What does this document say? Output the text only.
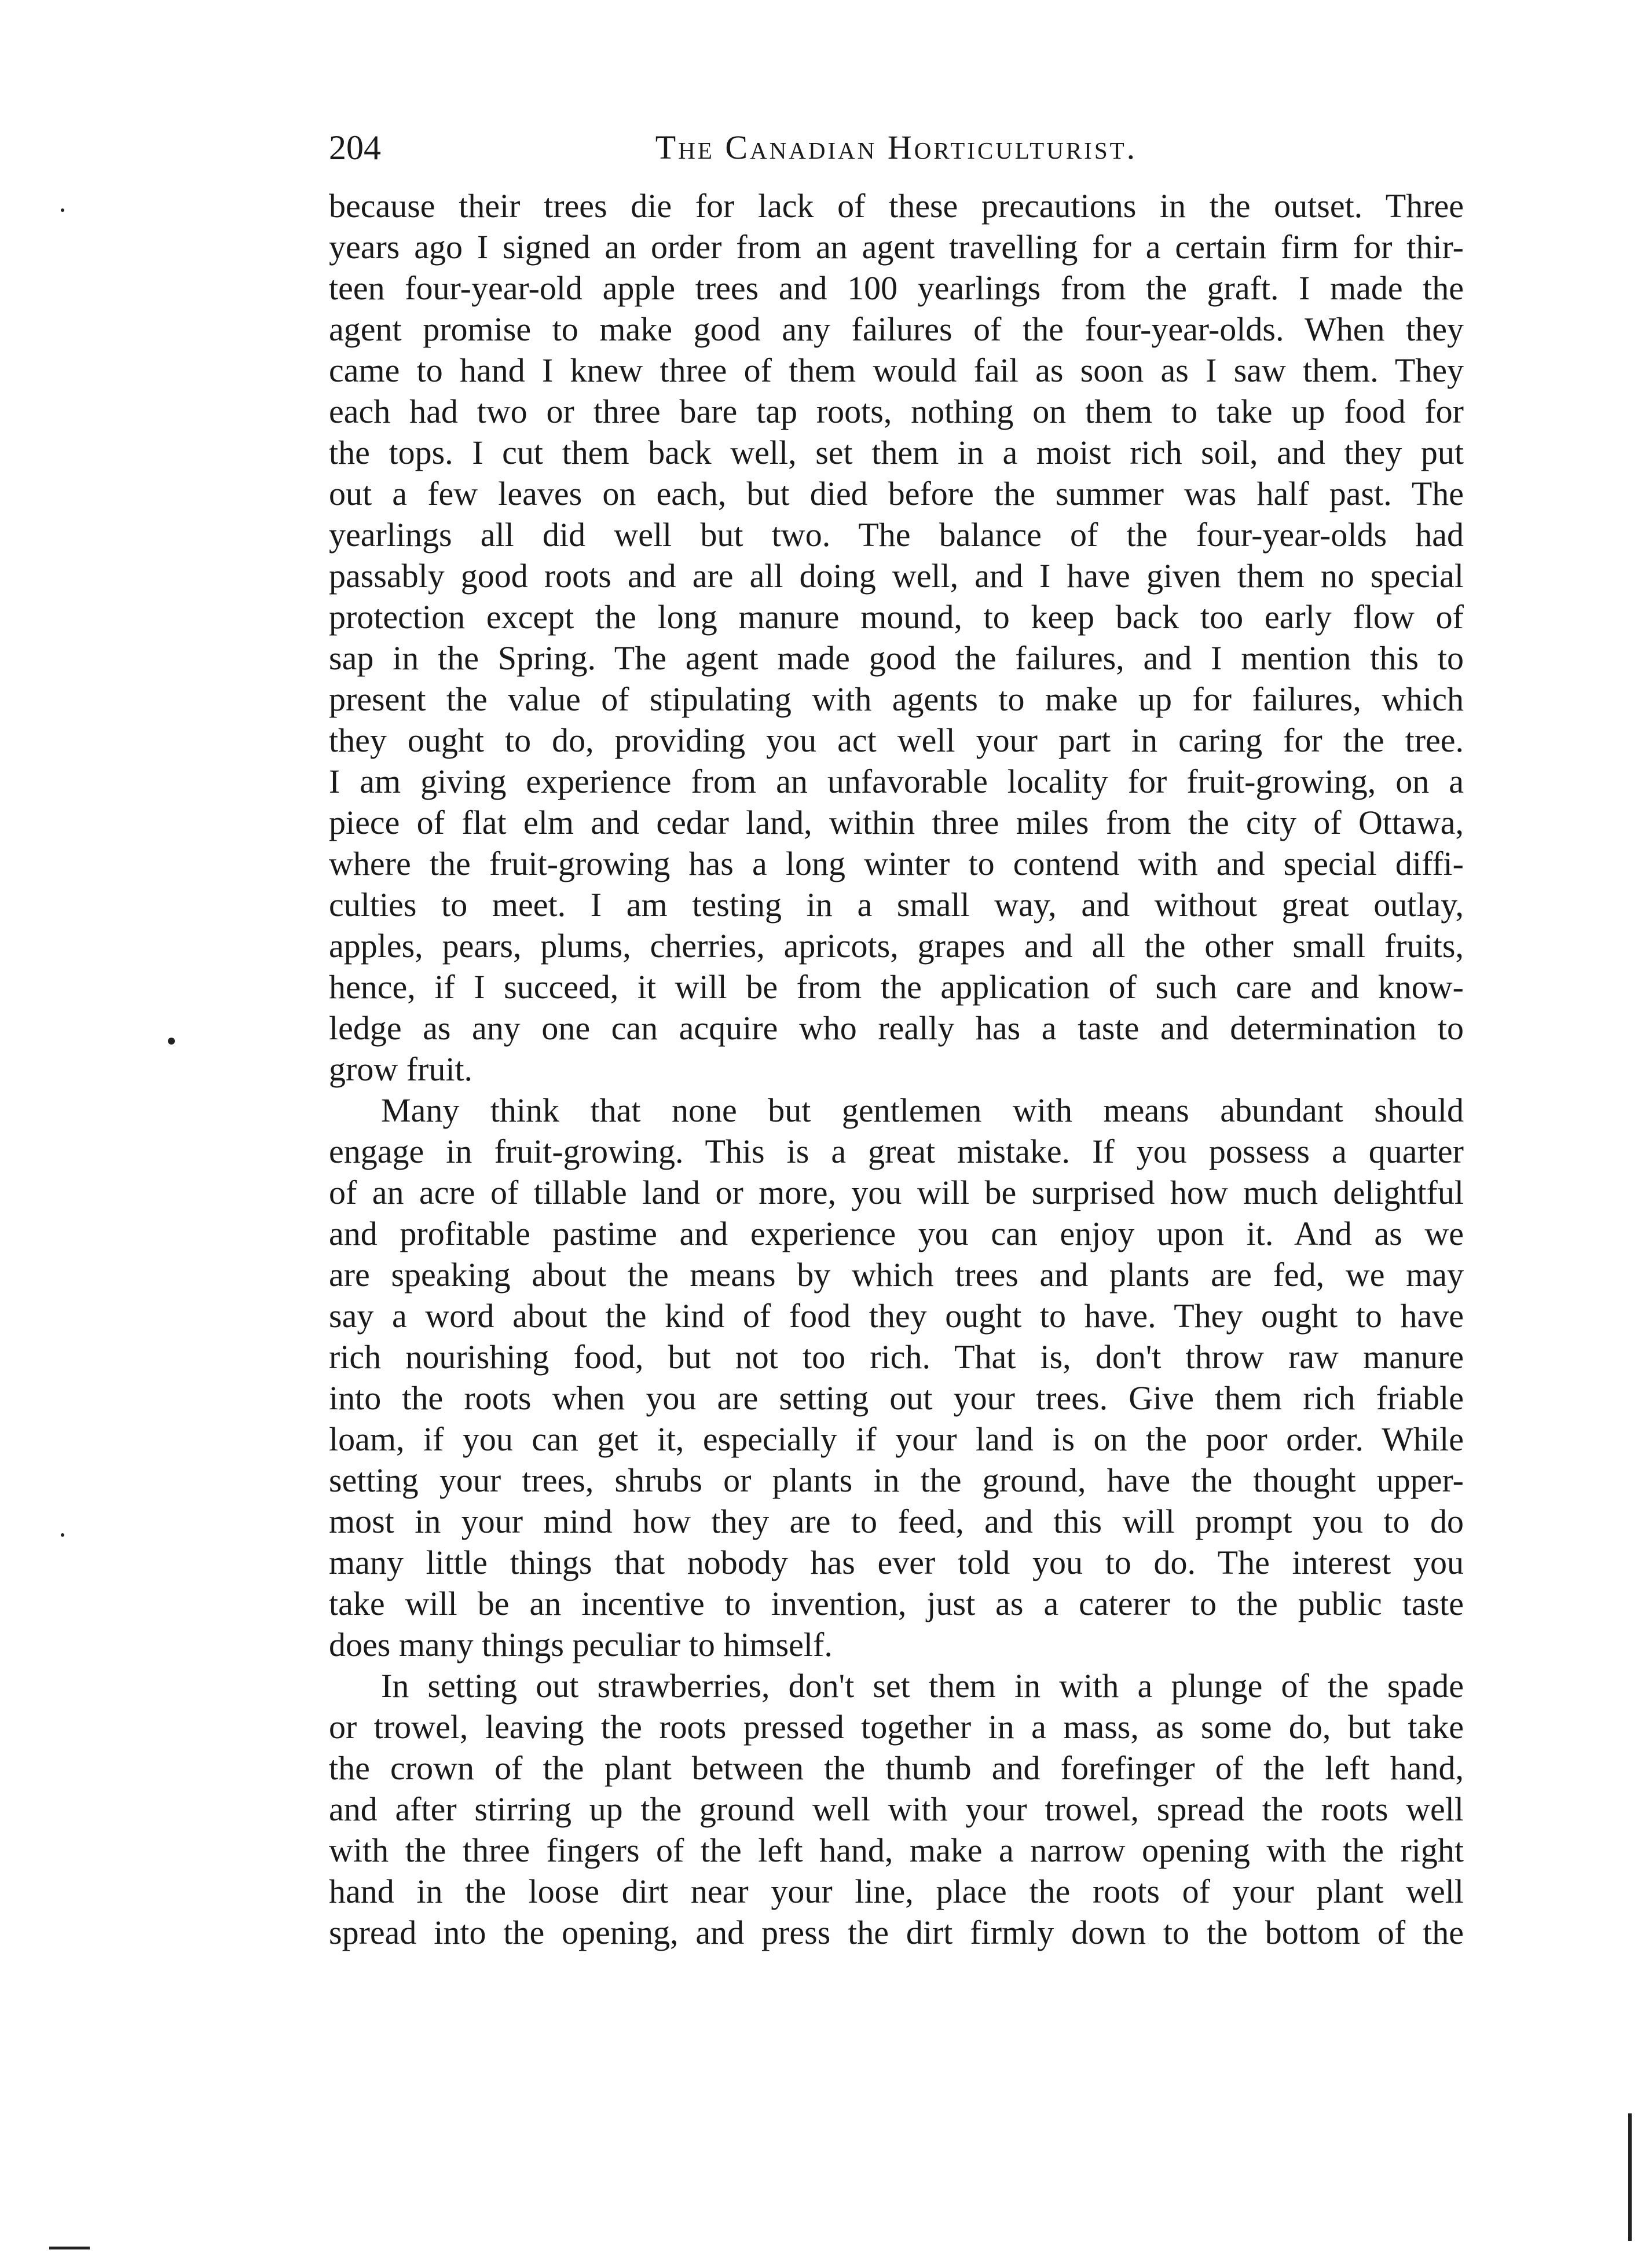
204	The Canadian Horticulturist.
because their trees die for lack of these precautions in the outset. Three
years ago I signed an order from an agent travelling for a certain firm for thir-
teen four-year-old apple trees and 100 yearlings from the graft. I made the
agent promise to make good any failures of the four-year-olds. When they
came to hand I knew three of them would fail as soon as I saw them. They
each had two or three bare tap roots, nothing on them to take up food for
the tops. I cut them back well, set them in a moist rich soil, and they put
out a few leaves on each, but died before the summer was half past. The
yearlings all did well but two. The balance of the four-year-olds had
passably good roots and are all doing well, and I have given them no special
protection except the long manure mound, to keep back too early flow of
sap in the Spring. The agent made good the failures, and I mention this to
present the value of stipulating with agents to make up for failures, which
they ought to do, providing you act well your part in caring for the tree.
I am giving experience from an unfavorable locality for fruit-growing, on a
piece of flat elm and cedar land, within three miles from the city of Ottawa,
where the fruit-growing has a long winter to contend with and special diffi-
culties to meet. I am testing in a small way, and without great outlay,
apples, pears, plums, cherries, apricots, grapes and all the other small fruits,
hence, if I succeed, it will be from the application of such care and know-
ledge as any one can acquire who really has a taste and determination to
grow fruit.
Many think that none but gentlemen with means abundant should
engage in fruit-growing. This is a great mistake. If you possess a quarter
of an acre of tillable land or more, you will be surprised how much delightful
and profitable pastime and experience you can enjoy upon it. And as we
are speaking about the means by which trees and plants are fed, we may
say a word about the kind of food they ought to have. They ought to have
rich nourishing food, but not too rich. That is, don't throw raw manure
into the roots when you are setting out your trees. Give them rich friable
loam, if you can get it, especially if your land is on the poor order. While
setting your trees, shrubs or plants in the ground, have the thought upper-
most in your mind how they are to feed, and this will prompt you to do
many little things that nobody has ever told you to do. The interest you
take will be an incentive to invention, just as a caterer to the public taste
does many things peculiar to himself.
In setting out strawberries, don't set them in with a plunge of the spade
or trowel, leaving the roots pressed together in a mass, as some do, but take
the crown of the plant between the thumb and forefinger of the left hand,
and after stirring up the ground well with your trowel, spread the roots well
with the three fingers of the left hand, make a narrow opening with the right
hand in the loose dirt near your line, place the roots of your plant well
spread into the opening, and press the dirt firmly down to the bottom of the
